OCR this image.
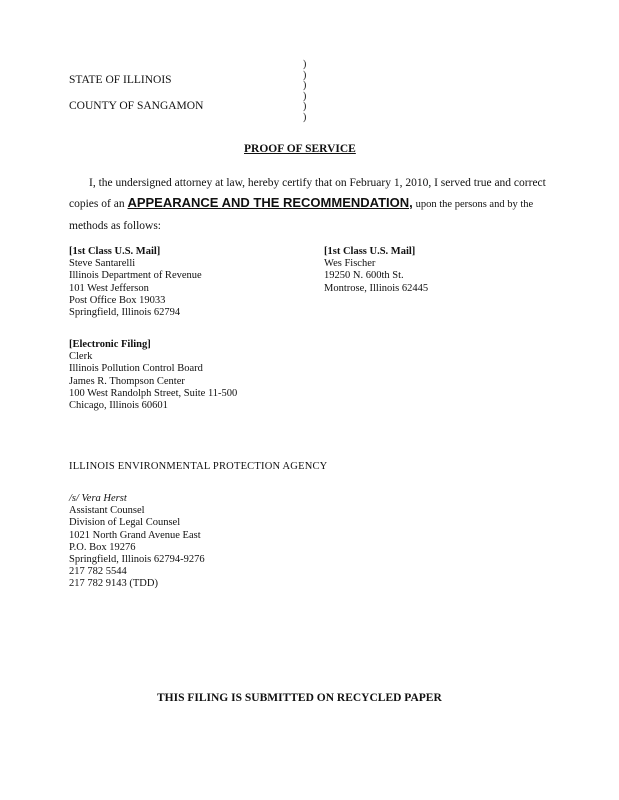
STATE OF ILLINOIS
COUNTY OF SANGAMON
)
)
)
)
)
)
PROOF OF SERVICE
I, the undersigned attorney at law, hereby certify that on February 1, 2010, I served true and correct
copies of an APPEARANCE AND THE RECOMMENDATION, upon the persons and by the
methods as follows:
[1st Class U.S. Mail]
Steve Santarelli
Illinois Department of Revenue
101 West Jefferson
Post Office Box 19033
Springfield, Illinois 62794
[1st Class U.S. Mail]
Wes Fischer
19250 N. 600th St.
Montrose, Illinois 62445
[Electronic Filing]
Clerk
Illinois Pollution Control Board
James R. Thompson Center
100 West Randolph Street, Suite 11-500
Chicago, Illinois 60601
ILLINOIS ENVIRONMENTAL PROTECTION AGENCY
/s/ Vera Herst
Assistant Counsel
Division of Legal Counsel
1021 North Grand Avenue East
P.O. Box 19276
Springfield, Illinois 62794-9276
217 782 5544
217 782 9143 (TDD)
THIS FILING IS SUBMITTED ON RECYCLED PAPER
